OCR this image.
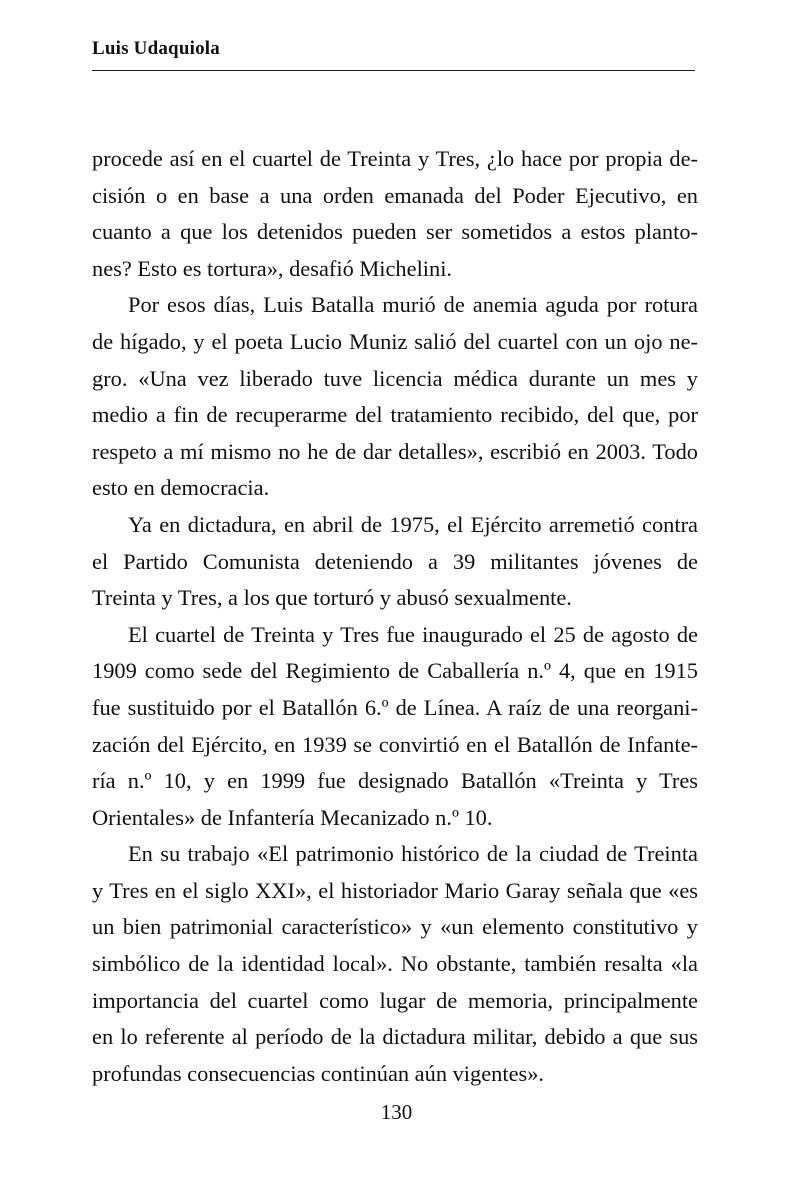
Luis Udaquiola
procede así en el cuartel de Treinta y Tres, ¿lo hace por propia de-
cisión o en base a una orden emanada del Poder Ejecutivo, en
cuanto a que los detenidos pueden ser sometidos a estos planto-
nes? Esto es tortura», desafió Michelini.
Por esos días, Luis Batalla murió de anemia aguda por rotura
de hígado, y el poeta Lucio Muniz salió del cuartel con un ojo ne-
gro. «Una vez liberado tuve licencia médica durante un mes y
medio a fin de recuperarme del tratamiento recibido, del que, por
respeto a mí mismo no he de dar detalles», escribió en 2003. Todo
esto en democracia.
Ya en dictadura, en abril de 1975, el Ejército arremetió contra
el Partido Comunista deteniendo a 39 militantes jóvenes de
Treinta y Tres, a los que torturó y abusó sexualmente.
El cuartel de Treinta y Tres fue inaugurado el 25 de agosto de
1909 como sede del Regimiento de Caballería n.º 4, que en 1915
fue sustituido por el Batallón 6.º de Línea. A raíz de una reorgani-
zación del Ejército, en 1939 se convirtió en el Batallón de Infante-
ría n.º 10, y en 1999 fue designado Batallón «Treinta y Tres
Orientales» de Infantería Mecanizado n.º 10.
En su trabajo «El patrimonio histórico de la ciudad de Treinta
y Tres en el siglo XXI», el historiador Mario Garay señala que «es
un bien patrimonial característico» y «un elemento constitutivo y
simbólico de la identidad local». No obstante, también resalta «la
importancia del cuartel como lugar de memoria, principalmente
en lo referente al período de la dictadura militar, debido a que sus
profundas consecuencias continúan aún vigentes».
130
